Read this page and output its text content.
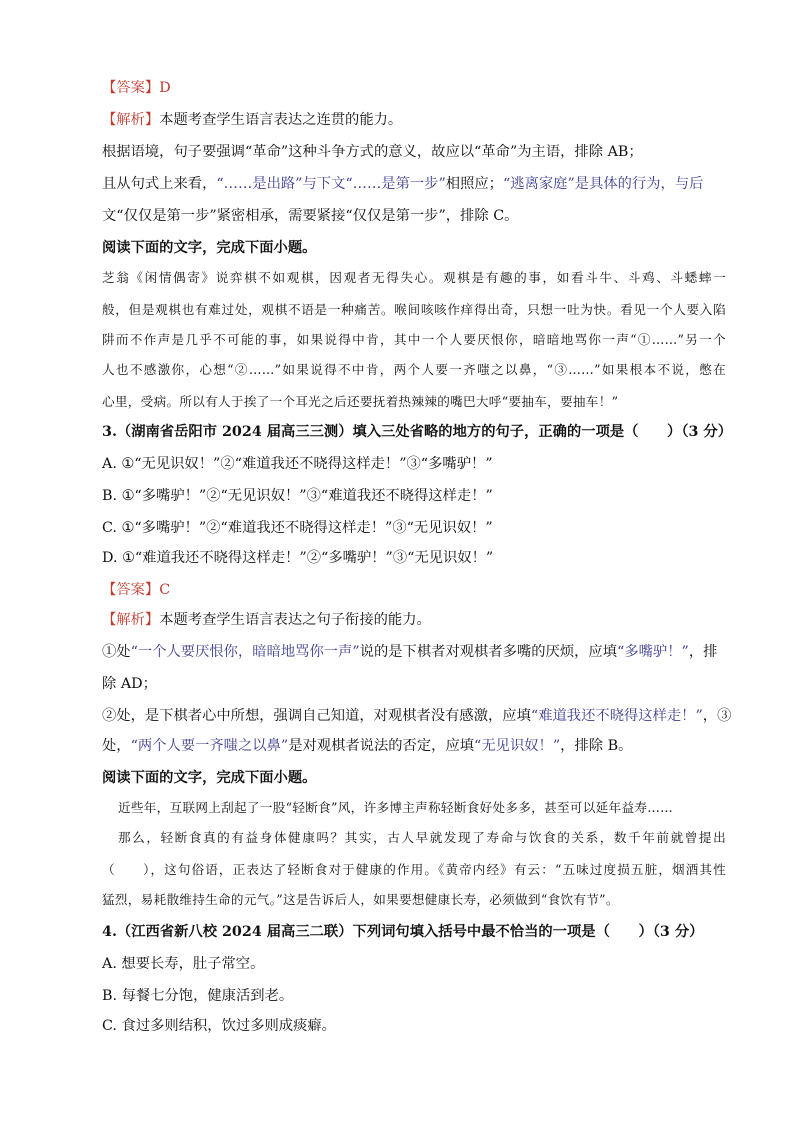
【答案】D
【解析】本题考查学生语言表达之连贯的能力。
根据语境，句子要强调“革命”这种斗争方式的意义，故应以“革命”为主语，排除 AB；
且从句式上来看，“……是出路”与下文“……是第一步”相照应；“逃离家庭”是具体的行为，与后
文“仅仅是第一步”紧密相承，需要紧接“仅仅是第一步”，排除 C。
阅读下面的文字，完成下面小题。
芝翁《闲情偶寄》说弈棋不如观棋，因观者无得失心。观棋是有趣的事，如看斗牛、斗鸡、斗蟋蟀一
般，但是观棋也有难过处，观棋不语是一种痛苦。喉间咳咳作痒得出奇，只想一吐为快。看见一个人要入陷
阱而不作声是几乎不可能的事，如果说得中肯，其中一个人要厌恨你，暗暗地骂你一声“①……”另一个
人也不感激你，心想“②……”如果说得不中肯，两个人要一齐嗤之以鼻，“③……”如果根本不说，憋在
心里，受病。所以有人于挨了一个耳光之后还要抚着热辣辣的嘴巴大呼“要抽车，要抽车！”
3.（湖南省岳阳市 2024 届高三三测）填入三处省略的地方的句子，正确的一项是（　　）（3 分）
A. ①“无见识奴！”②“难道我还不晓得这样走！”③“多嘴驴！”
B. ①“多嘴驴！”②“无见识奴！”③“难道我还不晓得这样走！”
C. ①“多嘴驴！”②“难道我还不晓得这样走！”③“无见识奴！”
D. ①“难道我还不晓得这样走！”②“多嘴驴！”③“无见识奴！”
【答案】C
【解析】本题考查学生语言表达之句子衔接的能力。
①处“一个人要厌恨你，暗暗地骂你一声”说的是下棋者对观棋者多嘴的厌烦，应填“多嘴驴！”，排
除 AD；
②处，是下棋者心中所想，强调自己知道，对观棋者没有感激，应填“难道我还不晓得这样走！”，③
处，“两个人要一齐嗤之以鼻”是对观棋者说法的否定，应填“无见识奴！”，排除 B。
阅读下面的文字，完成下面小题。
近些年，互联网上刮起了一股“轻断食”风，许多博主声称轻断食好处多多，甚至可以延年益寿……
那么，轻断食真的有益身体健康吗？其实，古人早就发现了寿命与饮食的关系，数千年前就曾提出
（　　），这句俗语，正表达了轻断食对于健康的作用。《黄帝内经》有云：“五味过度损五脏，烟酒其性
猛烈，易耗散维持生命的元气。”这是告诉后人，如果要想健康长寿，必须做到“食饮有节”。
4.（江西省新八校 2024 届高三二联）下列词句填入括号中最不恰当的一项是（　　）（3 分）
A. 想要长寿，肚子常空。
B. 每餐七分饱，健康活到老。
C. 食过多则结积，饮过多则成痰癖。
